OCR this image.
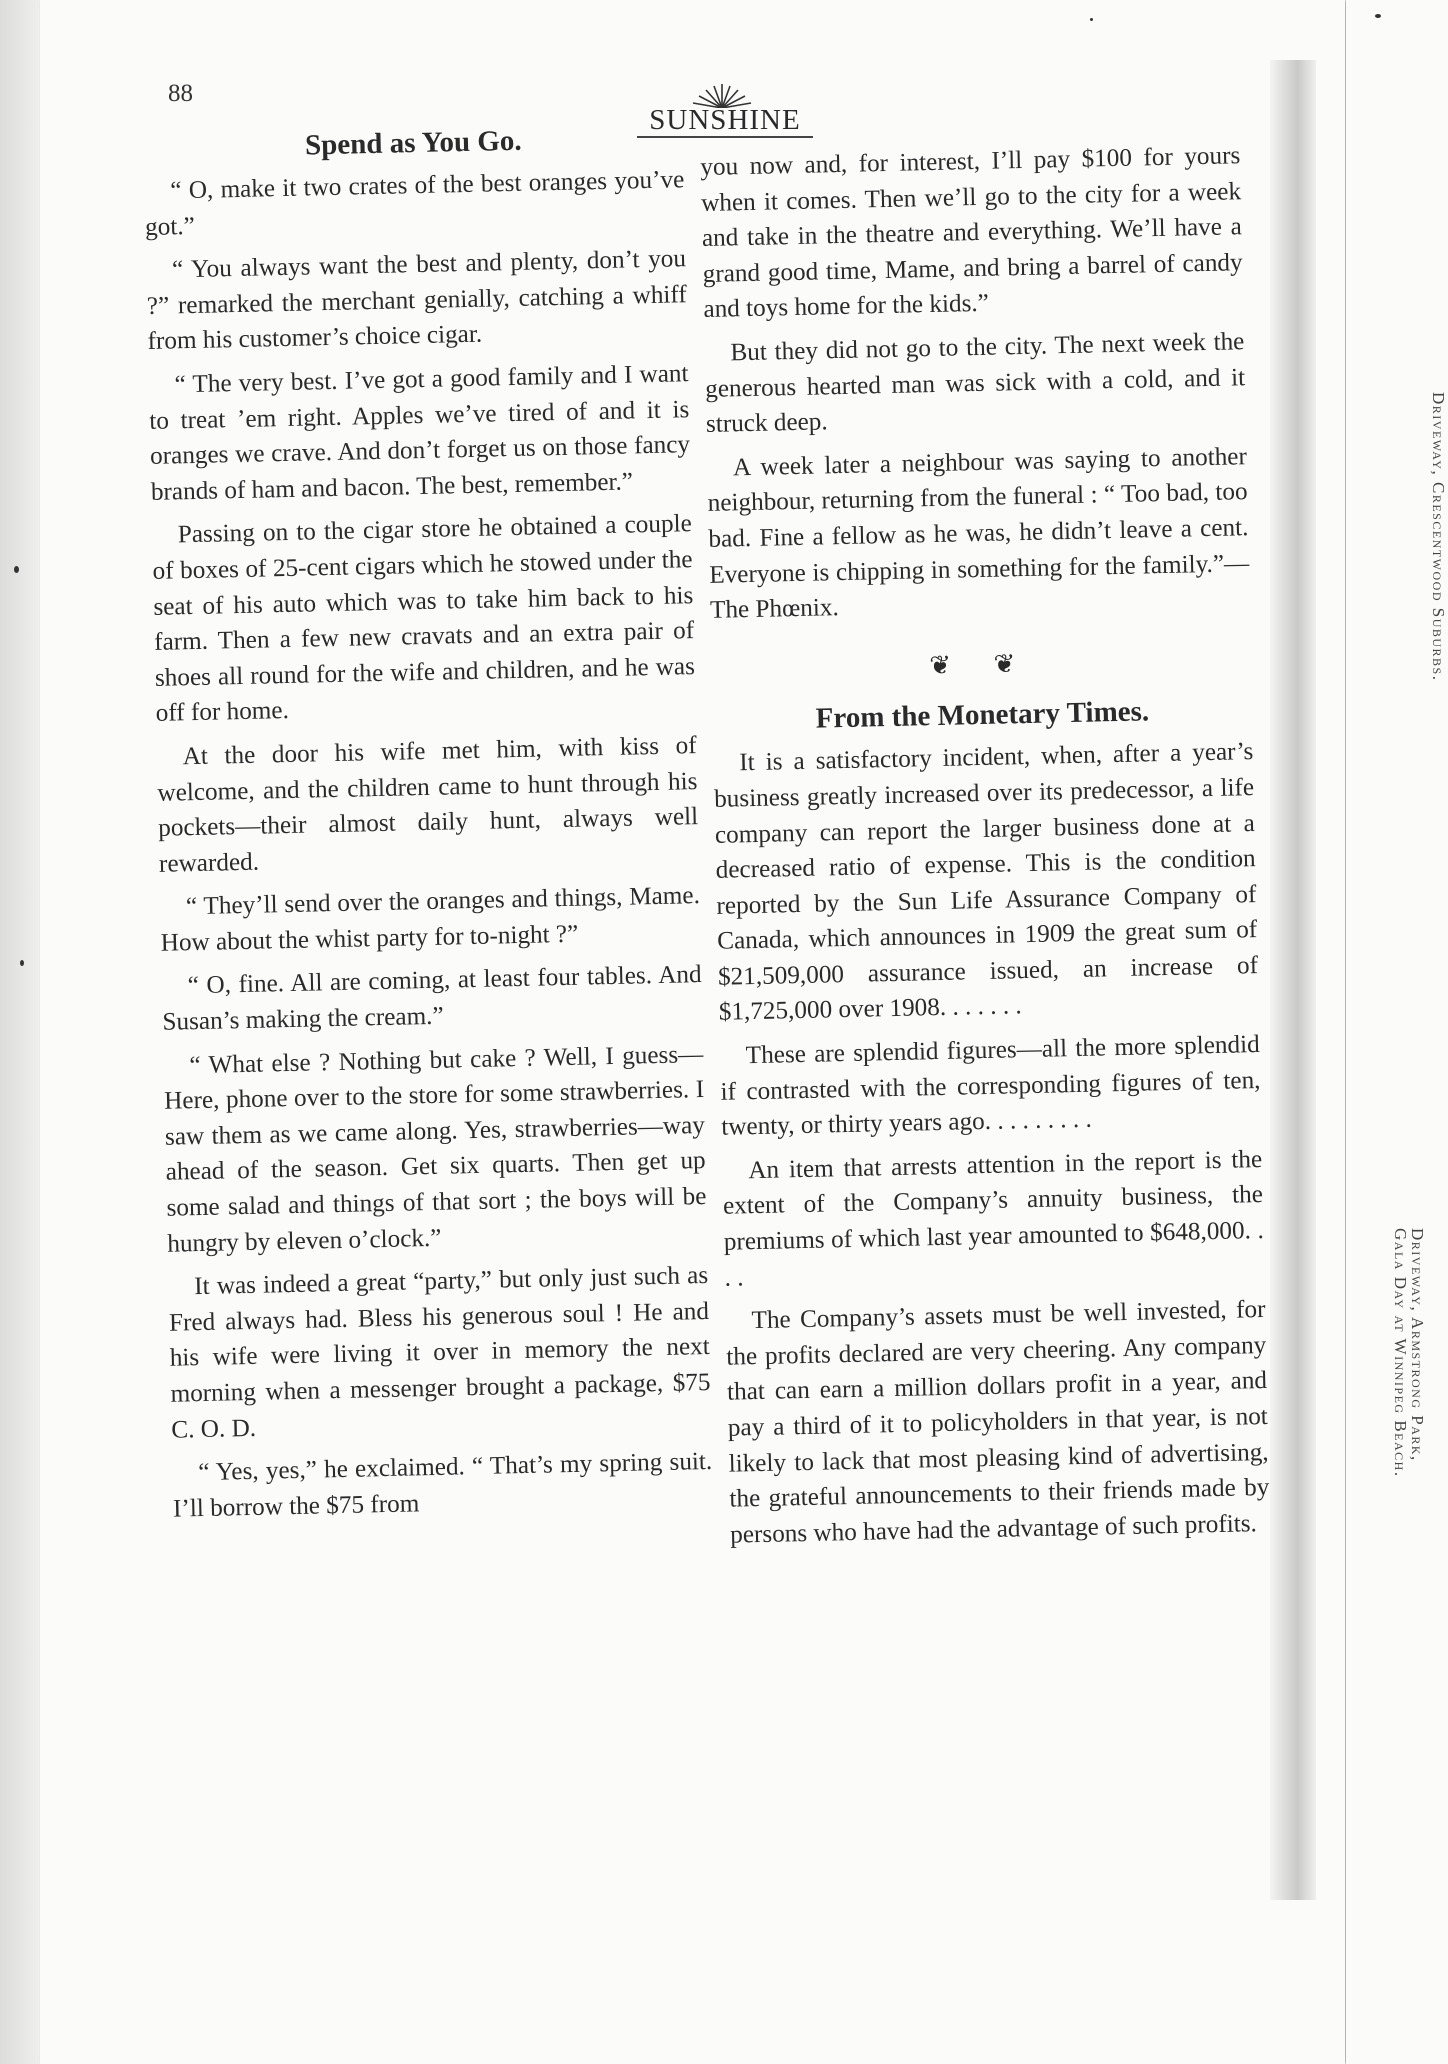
88
SUNSHINE
Spend as You Go.

“ O, make it two crates of the best oranges you’ve got.”

“ You always want the best and plenty, don’t you ?” remarked the merchant genially, catching a whiff from his customer’s choice cigar.

“ The very best. I’ve got a good family and I want to treat ’em right. Apples we’ve tired of and it is oranges we crave. And don’t forget us on those fancy brands of ham and bacon. The best, remember.”

Passing on to the cigar store he obtained a couple of boxes of 25-cent cigars which he stowed under the seat of his auto which was to take him back to his farm. Then a few new cravats and an extra pair of shoes all round for the wife and children, and he was off for home.

At the door his wife met him, with kiss of welcome, and the children came to hunt through his pockets—their almost daily hunt, always well rewarded.

“ They’ll send over the oranges and things, Mame. How about the whist party for to-night ?”

“ O, fine. All are coming, at least four tables. And Susan’s making the cream.”

“ What else ? Nothing but cake ? Well, I guess—Here, phone over to the store for some strawberries. I saw them as we came along. Yes, strawberries—way ahead of the season. Get six quarts. Then get up some salad and things of that sort ; the boys will be hungry by eleven o’clock.”

It was indeed a great “party,” but only just such as Fred always had. Bless his generous soul ! He and his wife were living it over in memory the next morning when a messenger brought a package, $75 C. O. D.

“ Yes, yes,” he exclaimed. “ That’s my spring suit. I’ll borrow the $75 from

you now and, for interest, I’ll pay $100 for yours when it comes. Then we’ll go to the city for a week and take in the theatre and everything. We’ll have a grand good time, Mame, and bring a barrel of candy and toys home for the kids.”

But they did not go to the city. The next week the generous hearted man was sick with a cold, and it struck deep.

A week later a neighbour was saying to another neighbour, returning from the funeral : “ Too bad, too bad. Fine a fellow as he was, he didn’t leave a cent. Everyone is chipping in something for the family.”—The Phœnix.

❦ ❦
From the Monetary Times.

It is a satisfactory incident, when, after a year’s business greatly increased over its predecessor, a life company can report the larger business done at a decreased ratio of expense. This is the condition reported by the Sun Life Assurance Company of Canada, which announces in 1909 the great sum of $21,509,000 assurance issued, an increase of $1,725,000 over 1908. . . . . . .

These are splendid figures—all the more splendid if contrasted with the corresponding figures of ten, twenty, or thirty years ago. . . . . . . . .

An item that arrests attention in the report is the extent of the Company’s annuity business, the premiums of which last year amounted to $648,000. . . .

The Company’s assets must be well invested, for the profits declared are very cheering. Any company that can earn a million dollars profit in a year, and pay a third of it to policyholders in that year, is not likely to lack that most pleasing kind of advertising, the grateful announcements to their friends made by persons who have had the advantage of such profits.

Driveway, Crescentwood Suburbs.
Driveway, Armstrong Park,
Gala Day at Winnipeg Beach.
